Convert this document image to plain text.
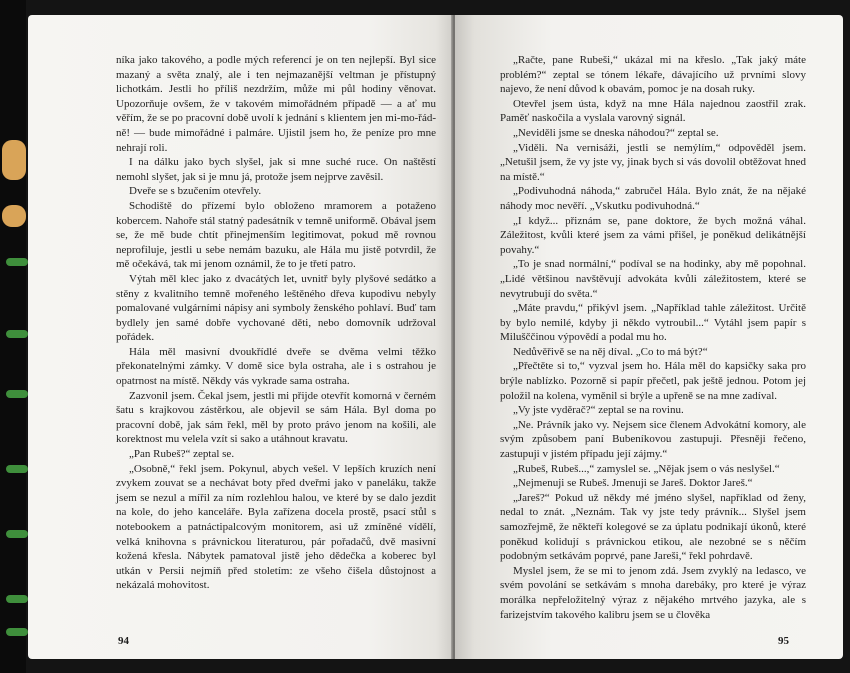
níka jako takového, a podle mých referencí je on ten nejlepší. Byl sice mazaný a světa znalý, ale i ten nejmazanější veltman je přístupný lichotkám. Jestli ho příliš nezdržím, může mi půl hodiny věnovat. Upozorňuje ovšem, že v takovém mimořádném případě — a ať mu věřím, že se po pracovní době uvolí k jednání s klientem jen mi-mo-řád-ně! — bude mimořádné i palmáre. Ujistil jsem ho, že peníze pro mne nehrají roli.

I na dálku jako bych slyšel, jak si mne suché ruce. On naštěstí nemohl slyšet, jak si je mnu já, protože jsem nejprve zavěsil.

Dveře se s bzučením otevřely.

Schodiště do přízemí bylo obloženo mramorem a potaženo kobercem. Nahoře stál statný padesátník v temně uniformě. Obával jsem se, že mě bude chtít přinejmenším legitimovat, pokud mě rovnou neprofiluje, jestli u sebe nemám bazuku, ale Hála mu jistě potvrdil, že mě očekává, tak mi jenom oznámil, že to je třetí patro.

Výtah měl klec jako z dvacátých let, uvnitř byly plyšové sedátko a stěny z kvalitního temně mořeného leštěného dřeva kupodivu nebyly pomalované vulgárními nápisy ani symboly ženského pohlaví. Buď tam bydlely jen samé dobře vychované děti, nebo domovník udržoval pořádek.

Hála měl masivní dvoukřídlé dveře se dvěma velmi těžko překonatelnými zámky. V domě sice byla ostraha, ale i s ostrahou je opatrnost na místě. Někdy vás vykrade sama ostraha.

Zazvonil jsem. Čekal jsem, jestli mi přijde otevřít komorná v černém šatu s krajkovou zástěrkou, ale objevil se sám Hála. Byl doma po pracovní době, jak sám řekl, měl by proto právo jenom na košili, ale korektnost mu velela vzít si sako a utáhnout kravatu.

„Pan Rubeš?“ zeptal se.

„Osobně,“ řekl jsem. Pokynul, abych vešel. V lepších kruzích není zvykem zouvat se a nechávat boty před dveřmi jako v paneláku, takže jsem se nezul a mířil za ním rozlehlou halou, ve které by se dalo jezdit na kole, do jeho kanceláře. Byla zařízena docela prostě, psací stůl s notebookem a patnáctipalcovým monitorem, asi už zmíněné vídělí, velká knihovna s právnickou literaturou, pár pořadačů, dvě masivní kožená křesla. Nábytek pamatoval jistě jeho dědečka a koberec byl utkán v Persii nejmíň před stoletím: ze všeho čišela důstojnost a nekázalá mohovitost.

94

„Račte, pane Rubeši,“ ukázal mi na křeslo. „Tak jaký máte problém?“ zeptal se tónem lékaře, dávajícího už prvními slovy najevo, že není důvod k obavám, pomoc je na dosah ruky.

Otevřel jsem ústa, když na mne Hála najednou zaostřil zrak. Paměť naskočila a vyslala varovný signál.

„Neviděli jsme se dneska náhodou?“ zeptal se.

„Viděli. Na vernisáži, jestli se nemýlím,“ odpověděl jsem. „Netušil jsem, že vy jste vy, jinak bych si vás dovolil obtěžovat hned na místě.“

„Podivuhodná náhoda,“ zabručel Hála. Bylo znát, že na nějaké náhody moc nevěří. „Vskutku podivuhodná.“

„I když... přiznám se, pane doktore, že bych možná váhal. Záležitost, kvůli které jsem za vámi přišel, je poněkud delikátnější povahy.“

„To je snad normální,“ podíval se na hodinky, aby mě popohnal. „Lidé většinou navštěvují advokáta kvůli záležitostem, které se nevytrubují do světa.“

„Máte pravdu,“ přikývl jsem. „Například tahle záležitost. Určitě by bylo nemilé, kdyby ji někdo vytroubil...“ Vytáhl jsem papír s Milušččinou výpovědí a podal mu ho.

Nedůvěřivě se na něj díval. „Co to má být?“

„Přečtěte si to,“ vyzval jsem ho. Hála měl do kapsičky saka pro brýle nablízko. Pozorně si papír přečetl, pak ještě jednou. Potom jej položil na kolena, vyměnil si brýle a upřeně se na mne zadíval.

„Vy jste vyděrač?“ zeptal se na rovinu.

„Ne. Právník jako vy. Nejsem sice členem Advokátní komory, ale svým způsobem paní Bubeníkovou zastupuji. Přesněji řečeno, zastupuji v jistém případu její zájmy.“

„Rubeš, Rubeš...,“ zamyslel se. „Nějak jsem o vás neslyšel.“

„Nejmenuji se Rubeš. Jmenuji se Jareš. Doktor Jareš.“

„Jareš?“ Pokud už někdy mé jméno slyšel, například od ženy, nedal to znát. „Neznám. Tak vy jste tedy právník... Slyšel jsem samozřejmě, že někteří kolegové se za úplatu podnikají úkonů, které poněkud kolidují s právnickou etikou, ale nezobné se s něčím podobným setkávám poprvé, pane Jareši,“ řekl pohrdavě.

Myslel jsem, že se mi to jenom zdá. Jsem zvyklý na ledasco, ve svém povolání se setkávám s mnoha darebáky, pro které je výraz morálka nepřeložitelný výraz z nějakého mrtvého jazyka, ale s farizejstvím takového kalibru jsem se u člověka

95
